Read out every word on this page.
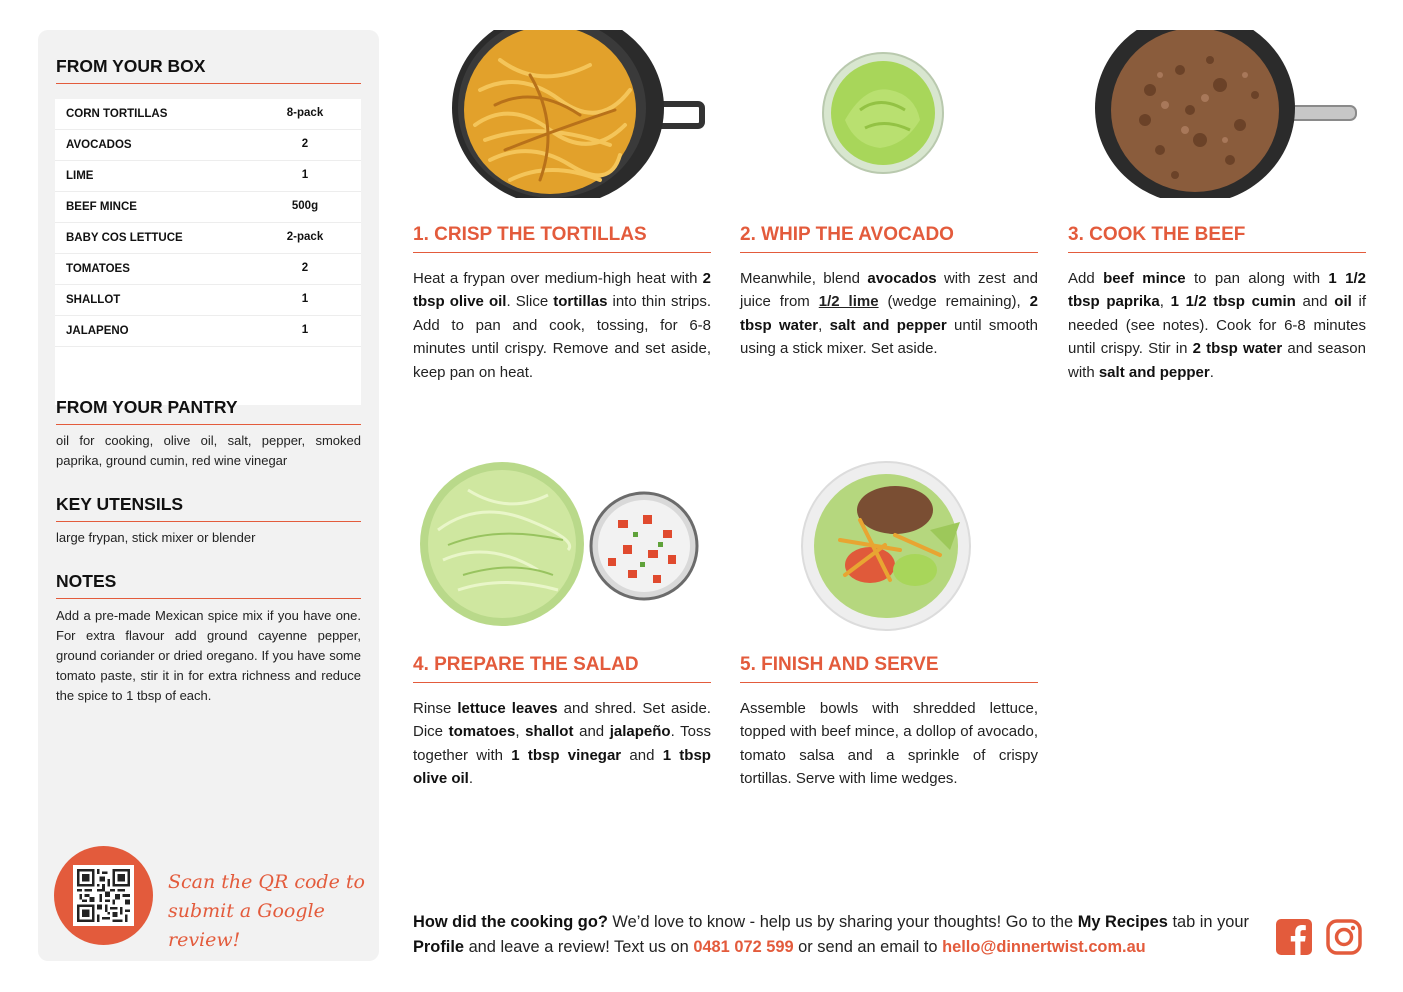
FROM YOUR BOX
CORN TORTILLAS	8-pack
AVOCADOS	2
LIME	1
BEEF MINCE	500g
BABY COS LETTUCE	2-pack
TOMATOES	2
SHALLOT	1
JALAPENO	1
FROM YOUR PANTRY
oil for cooking, olive oil, salt, pepper, smoked paprika, ground cumin, red wine vinegar
KEY UTENSILS
large frypan, stick mixer or blender
NOTES
Add a pre-made Mexican spice mix if you have one. For extra flavour add ground cayenne pepper, ground coriander or dried oregano. If you have some tomato paste, stir it in for extra richness and reduce the spice to 1 tbsp of each.
Scan the QR code to
submit a Google review!
1. CRISP THE TORTILLAS
Heat a frypan over medium-high heat with 2 tbsp olive oil. Slice tortillas into thin strips. Add to pan and cook, tossing, for 6-8 minutes until crispy. Remove and set aside, keep pan on heat.
2. WHIP THE AVOCADO
Meanwhile, blend avocados with zest and juice from 1/2 lime (wedge remaining), 2 tbsp water, salt and pepper until smooth using a stick mixer. Set aside.
3. COOK THE BEEF
Add beef mince to pan along with 1 1/2 tbsp paprika, 1 1/2 tbsp cumin and oil if needed (see notes). Cook for 6-8 minutes until crispy. Stir in 2 tbsp water and season with salt and pepper.
4. PREPARE THE SALAD
Rinse lettuce leaves and shred. Set aside. Dice tomatoes, shallot and jalapeño. Toss together with 1 tbsp vinegar and 1 tbsp olive oil.
5. FINISH AND SERVE
Assemble bowls with shredded lettuce, topped with beef mince, a dollop of avocado, tomato salsa and a sprinkle of crispy tortillas. Serve with lime wedges.
How did the cooking go? We’d love to know - help us by sharing your thoughts! Go to the My Recipes tab in your Profile and leave a review! Text us on 0481 072 599 or send an email to hello@dinnertwist.com.au
